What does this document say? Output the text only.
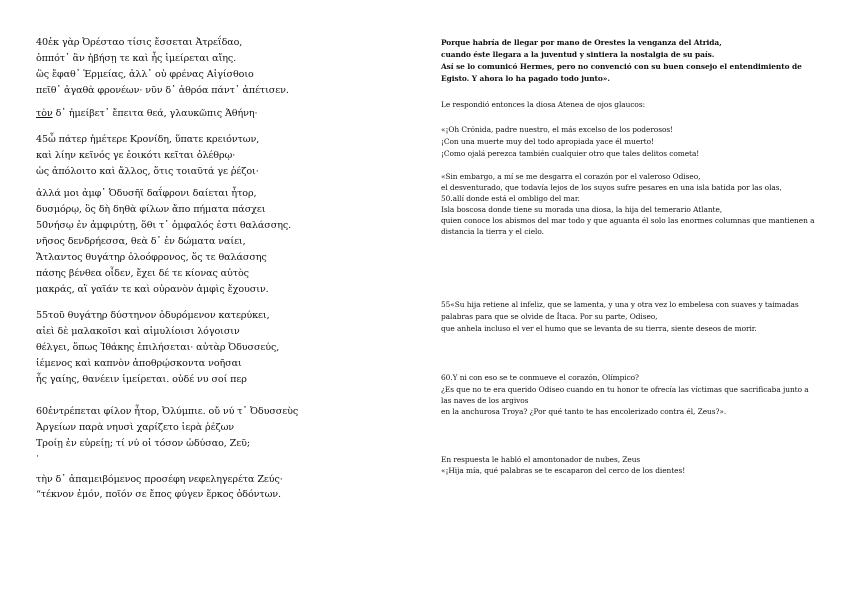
40ἐκ γὰρ Ὀρέσταο τίσις ἔσσεται Ἀτρεΐδαο,
ὁππότ᾽ ἂν ἡβήσῃ τε καὶ ἧς ἱμείρεται αἴης.
ὣς ἔφαθ᾽ Ἑρμείας, ἀλλ᾽ οὐ φρένας Αἰγίσθοιο
πεῖθ᾽ ἀγαθὰ φρονέων· νῦν δ᾽ ἁθρόα πάντ᾽ ἀπέτισεν.
τὸν δ᾽ ἠμείβετ᾽ ἔπειτα θεά, γλαυκῶπις Ἀθήνη·
45ὦ πάτερ ἡμέτερε Κρονίδη, ὕπατε κρειόντων,
καὶ λίην κεῖνός γε ἐοικότι κεῖται ὀλέθρῳ·
ὡς ἀπόλοιτο καὶ ἄλλος, ὅτις τοιαῦτά γε ῥέζοι·
ἀλλά μοι ἀμφ᾽ Ὀδυσῆϊ δαΐφρονι δαίεται ἦτορ,
δυσμόρῳ, ὃς δὴ δηθὰ φίλων ἄπο πήματα πάσχει
50νήσῳ ἐν ἀμφιρύτῃ, ὅθι τ᾽ ὀμφαλός ἐστι θαλάσσης.
νῆσος δενδρήεσσα, θεὰ δ᾽ ἐν δώματα ναίει,
Ἄτλαντος θυγάτηρ ὀλοόφρονος, ὅς τε θαλάσσης
πάσης βένθεα οἶδεν, ἔχει δέ τε κίονας αὐτὸς
μακράς, αἳ γαῖάν τε καὶ οὐρανὸν ἀμφὶς ἔχουσιν.
55τοῦ θυγάτηρ δύστηνον ὀδυρόμενον κατερύκει,
αἰεὶ δὲ μαλακοῖσι καὶ αἱμυλίοισι λόγοισιν
θέλγει, ὅπως Ἰθάκης ἐπιλήσεται· αὐτὰρ Ὀδυσσεύς,
ἱέμενος καὶ καπνὸν ἀποθρῴσκοντα νοῆσαι
ἧς γαίης, θανέειν ἱμείρεται. οὐδέ νυ σοί περ
60ἐντρέπεται φίλον ἦτορ, Ὀλύμπιε. οὔ νύ τ᾽ Ὀδυσσεὺς
Ἀργείων παρὰ νηυσὶ χαρίζετο ἱερὰ ῥέζων
Τροίῃ ἐν εὐρείῃ; τί νύ οἱ τόσον ὠδύσαο, Ζεῦ;
·
τὴν δ᾽ ἀπαμειβόμενος προσέφη νεφεληγερέτα Ζεύς·
“τέκνον ἐμόν, ποῖόν σε ἔπος φύγεν ἕρκος ὀδόντων.
Porque habría de llegar por mano de Orestes la venganza del Atrida,
cuando éste llegara a la juventud y sintiera la nostalgia de su país.
Así se lo comunicó Hermes, pero no convenció con su buen consejo el entendimiento de
Egisto. Y ahora lo ha pagado todo junto».
Le respondió entonces la diosa Atenea de ojos glaucos:
«¡Oh Crónida, padre nuestro, el más excelso de los poderosos!
¡Con una muerte muy del todo apropiada yace él muerto!
¡Como ojalá perezca también cualquier otro que tales delitos cometa!
«Sin embargo, a mí se me desgarra el corazón por el valeroso Odiseo,
el desventurado, que todavía lejos de los suyos sufre pesares en una isla batida por las olas,
50.allí donde está el ombligo del mar.
Isla boscosa donde tiene su morada una diosa, la hija del temerario Atlante,
quien conoce los abismos del mar todo y que aguanta él solo las enormes columnas que mantienen a
distancia la tierra y el cielo.
55«Su hija retiene al infeliz, que se lamenta, y una y otra vez lo embelesa con suaves y taimadas
palabras para que se olvide de Ítaca. Por su parte, Odiseo,
que anhela incluso el ver el humo que se levanta de su tierra, siente deseos de morir.
60.Y ni con eso se te conmueve el corazón, Olímpico?
¿Es que no te era querido Odiseo cuando en tu honor te ofrecía las víctimas que sacrificaba junto a
las naves de los argivos
en la anchurosa Troya? ¿Por qué tanto te has encolerizado contra él, Zeus?».
En respuesta le habló el amontonador de nubes, Zeus
«¡Hija mía, qué palabras se te escaparon del cerco de los dientes!
